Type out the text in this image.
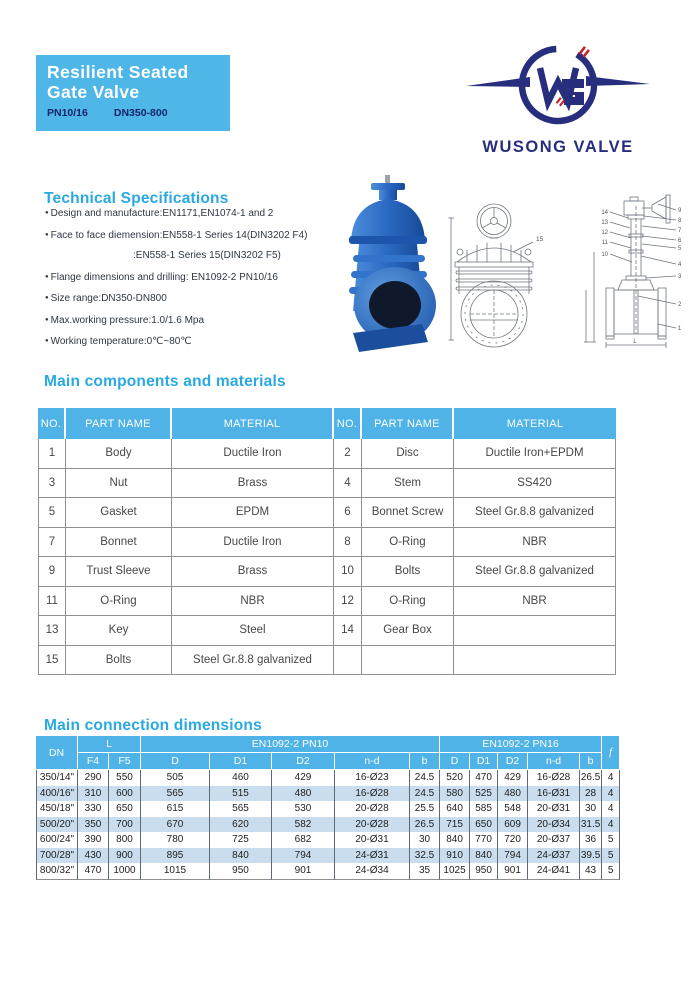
Resilient Seated
Gate Valve
PN10/16 DN350-800
WUSONG VALVE
Technical Specifications
● Design and manufacture:EN1171,EN1074-1 and 2
● Face to face diemension:EN558-1 Series 14(DIN3202 F4)
:EN558-1 Series 15(DIN3202 F5)
● Flange dimensions and drilling: EN1092-2 PN10/16
● Size range:DN350-DN800
● Max.working pressure:1.0/1.6 Mpa
● Working temperature:0℃~80℃
15
14
13
12
11
10
9
8
7
6
5
4
3
2
1
L
Main components and materials
NO.	PART NAME	MATERIAL	NO.	PART NAME	MATERIAL
1	Body	Ductile Iron	2	Disc	Ductile Iron+EPDM
3	Nut	Brass	4	Stem	SS420
5	Gasket	EPDM	6	Bonnet Screw	Steel Gr.8.8 galvanized
7	Bonnet	Ductile Iron	8	O-Ring	NBR
9	Trust Sleeve	Brass	10	Bolts	Steel Gr.8.8 galvanized
11	O-Ring	NBR	12	O-Ring	NBR
13	Key	Steel	14	Gear Box	
15	Bolts	Steel Gr.8.8 galvanized			
Main connection dimensions
DN	L		EN1092-2 PN10					EN1092-2 PN16					f
	F4	F5	D	D1	D2	n-d	b	D	D1	D2	n-d	b	
350/14"	290	550	505	460	429	16-Ø23	24.5	520	470	429	16-Ø28	26.5	4
400/16"	310	600	565	515	480	16-Ø28	24.5	580	525	480	16-Ø31	28	4
450/18"	330	650	615	565	530	20-Ø28	25.5	640	585	548	20-Ø31	30	4
500/20"	350	700	670	620	582	20-Ø28	26.5	715	650	609	20-Ø34	31.5	4
600/24"	390	800	780	725	682	20-Ø31	30	840	770	720	20-Ø37	36	5
700/28"	430	900	895	840	794	24-Ø31	32.5	910	840	794	24-Ø37	39.5	5
800/32"	470	1000	1015	950	901	24-Ø34	35	1025	950	901	24-Ø41	43	5
